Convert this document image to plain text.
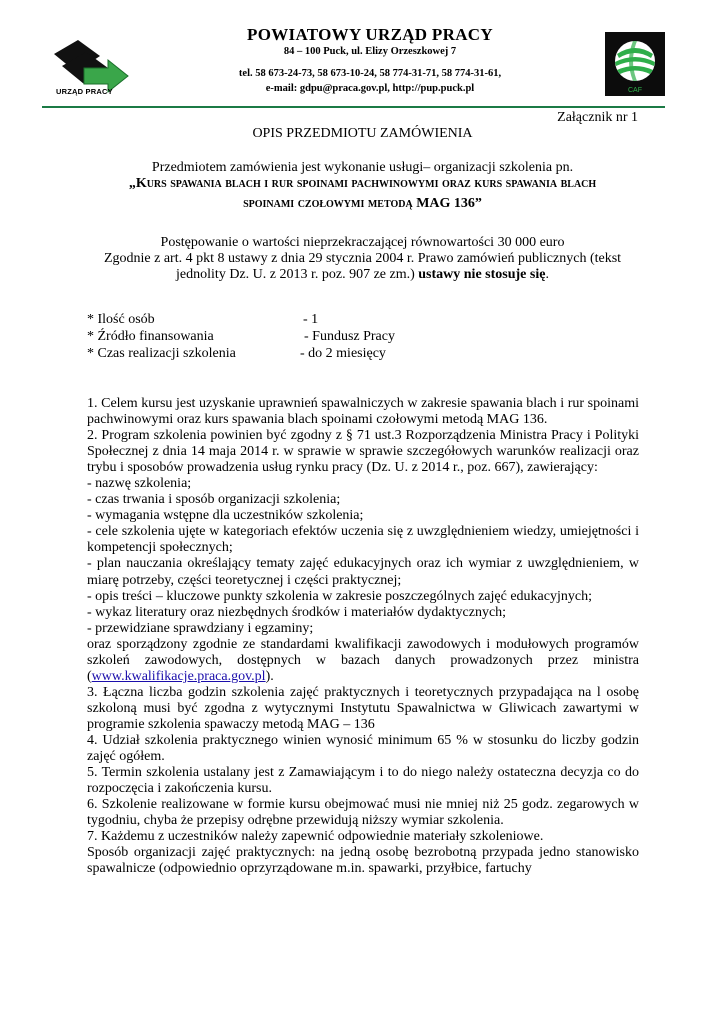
URZĄD PRACY
POWIATOWY URZĄD PRACY
84 – 100 Puck, ul. Elizy Orzeszkowej 7
tel. 58 673-24-73, 58 673-10-24, 58 774-31-71, 58 774-31-61,
e-mail: gdpu@praca.gov.pl, http://pup.puck.pl	CAF
Załącznik nr 1
OPIS PRZEDMIOTU ZAMÓWIENIA
Przedmiotem zamówienia jest wykonanie usługi– organizacji szkolenia pn.
„Kurs spawania blach i rur spoinami pachwinowymi oraz kurs spawania blach
spoinami czołowymi metodą MAG 136”
Postępowanie o wartości nieprzekraczającej równowartości 30 000 euro
Zgodnie z art. 4 pkt 8 ustawy z dnia 29 stycznia 2004 r. Prawo zamówień publicznych (tekst
jednolity Dz. U. z 2013 r. poz. 907 ze zm.) ustawy nie stosuje się.
* Ilość osób	- 1
* Źródło finansowania	- Fundusz Pracy
* Czas realizacji szkolenia	- do 2 miesięcy

1. Celem kursu jest uzyskanie uprawnień spawalniczych w zakresie spawania blach i rur spoinami pachwinowymi oraz kurs spawania blach spoinami czołowymi metodą MAG 136.

2. Program szkolenia powinien być zgodny z § 71 ust.3 Rozporządzenia Ministra Pracy i Polityki Społecznej z dnia 14 maja 2014 r. w sprawie w sprawie szczegółowych warunków realizacji oraz trybu i sposobów prowadzenia usług rynku pracy (Dz. U. z 2014 r., poz. 667), zawierający:

- nazwę szkolenia;

- czas trwania i sposób organizacji szkolenia;

- wymagania wstępne dla uczestników szkolenia;

- cele szkolenia ujęte w kategoriach efektów uczenia się z uwzględnieniem wiedzy, umiejętności i kompetencji społecznych;

- plan nauczania określający tematy zajęć edukacyjnych oraz ich wymiar z uwzględnieniem, w miarę potrzeby, części teoretycznej i części praktycznej;

- opis treści – kluczowe punkty szkolenia w zakresie poszczególnych zajęć edukacyjnych;

- wykaz literatury oraz niezbędnych środków i materiałów dydaktycznych;

- przewidziane sprawdziany i egzaminy;

oraz sporządzony zgodnie ze standardami kwalifikacji zawodowych i modułowych programów szkoleń zawodowych, dostępnych w bazach danych prowadzonych przez ministra (www.kwalifikacje.praca.gov.pl).

3. Łączna liczba godzin szkolenia zajęć praktycznych i teoretycznych przypadająca na l osobę szkoloną musi być zgodna z wytycznymi Instytutu Spawalnictwa w Gliwicach zawartymi w programie szkolenia spawaczy metodą MAG – 136

4. Udział szkolenia praktycznego winien wynosić minimum 65 % w stosunku do liczby godzin zajęć ogółem.

5. Termin szkolenia ustalany jest z Zamawiającym i to do niego należy ostateczna decyzja co do rozpoczęcia i zakończenia kursu.

6. Szkolenie realizowane w formie kursu obejmować musi nie mniej niż 25 godz. zegarowych w tygodniu, chyba że przepisy odrębne przewidują niższy wymiar szkolenia.

7. Każdemu z uczestników należy zapewnić odpowiednie materiały szkoleniowe.

Sposób organizacji zajęć praktycznych: na jedną osobę bezrobotną przypada jedno stanowisko spawalnicze (odpowiednio oprzyrządowane m.in. spawarki, przyłbice, fartuchy
